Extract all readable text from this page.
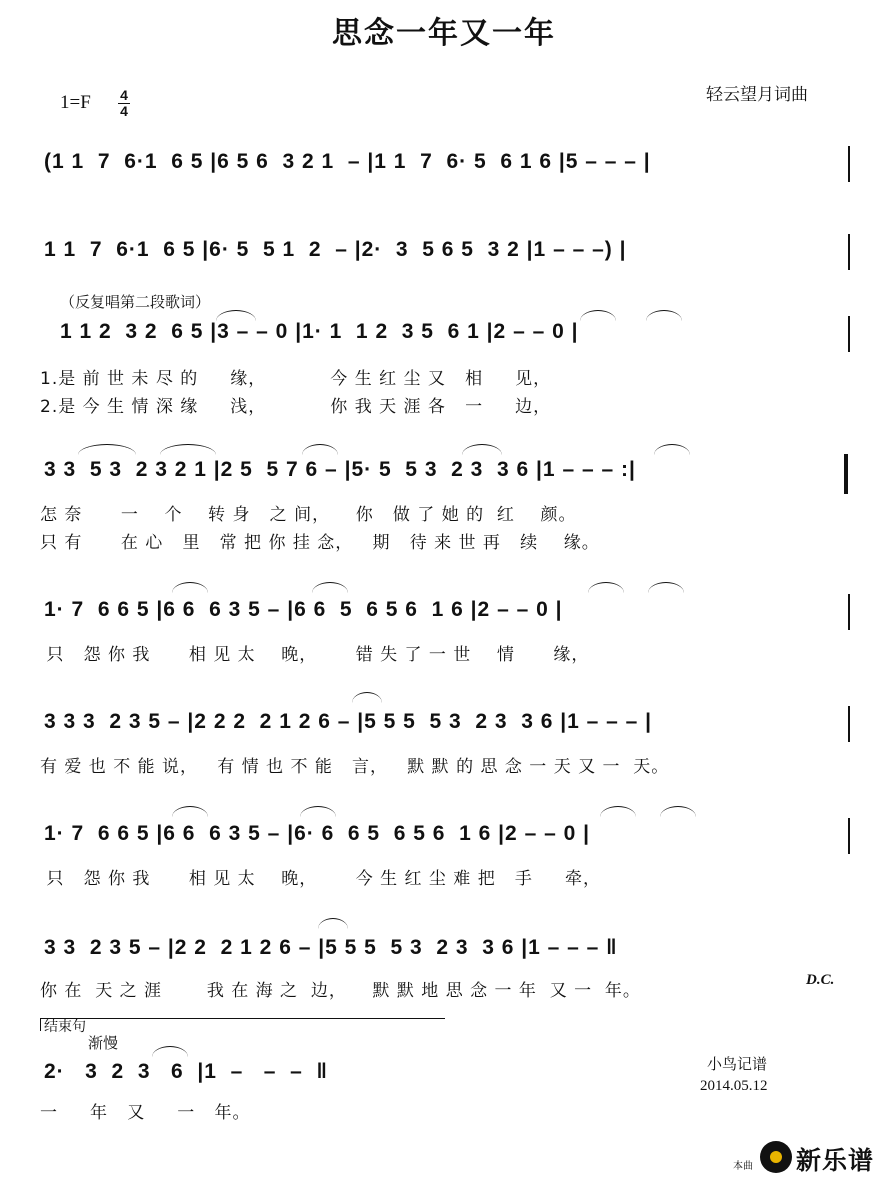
思念一年又一年
1=F 4
4
轻云望月词曲
(1 1  7  6·1  6 5 |6 5 6  3 2 1  – |1 1  7  6· 5  6 1 6 |5 – – – |
1 1  7  6·1  6 5 |6· 5  5 1  2  – |2·  3  5 6 5  3 2 |1 – – –) |
（反复唱第二段歌词）
1 1 2  3 2  6 5 |3 – – 0 |1· 1  1 2  3 5  6 1 |2 – – 0 |
1.是 前 世 未 尽 的     缘，          今 生 红 尘 又   相     见，
2.是 今 生 情 深 缘     浅，          你 我 天 涯 各   一     边，
3 3  5 3  2 3 2 1 |2 5  5 7 6 – |5· 5  5 3  2 3  3 6 |1 – – – :|
怎 奈      一    个    转 身   之 间，    你   做 了 她 的  红    颜。
只 有      在 心   里   常 把 你 挂 念，   期   待 来 世 再   续    缘。
1· 7  6 6 5 |6 6  6 3 5 – |6 6  5  6 5 6  1 6 |2 – – 0 |
只   怨 你 我      相 见 太    晚，      错 失 了 一 世    情      缘，
3 3 3  2 3 5 – |2 2 2  2 1 2 6 – |5 5 5  5 3  2 3  3 6 |1 – – – |
有 爱 也 不 能 说，   有 情 也 不 能   言，   默 默 的 思 念 一 天 又 一  天。
1· 7  6 6 5 |6 6  6 3 5 – |6· 6  6 5  6 5 6  1 6 |2 – – 0 |
只   怨 你 我      相 见 太    晚，      今 生 红 尘 难 把   手     牵，
3 3  2 3 5 – |2 2  2 1 2 6 – |5 5 5  5 3  2 3  3 6 |1 – – – ‖
你 在  天 之 涯       我 在 海 之  边，    默 默 地 思 念 一 年  又 一  年。
D.C.
结束句
渐慢
2·   3  2  3   6  |1  –   –  –  ‖
一     年   又     一   年。
小鸟记谱
2014.05.12
本曲 新乐谱
